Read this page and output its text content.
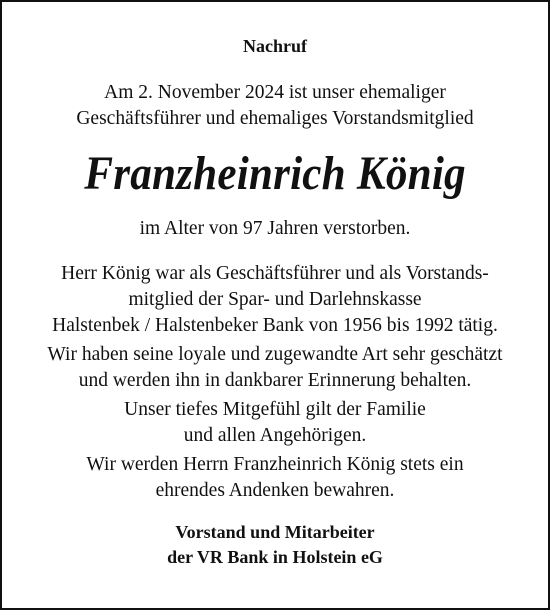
Nachruf
Am 2. November 2024 ist unser ehemaliger
Geschäftsführer und ehemaliges Vorstandsmitglied
Franzheinrich König
im Alter von 97 Jahren verstorben.
Herr König war als Geschäftsführer und als Vorstands-
mitglied der Spar- und Darlehnskasse
Halstenbek / Halstenbeker Bank von 1956 bis 1992 tätig.
Wir haben seine loyale und zugewandte Art sehr geschätzt
und werden ihn in dankbarer Erinnerung behalten.
Unser tiefes Mitgefühl gilt der Familie
und allen Angehörigen.
Wir werden Herrn Franzheinrich König stets ein
ehrendes Andenken bewahren.
Vorstand und Mitarbeiter
der VR Bank in Holstein eG
